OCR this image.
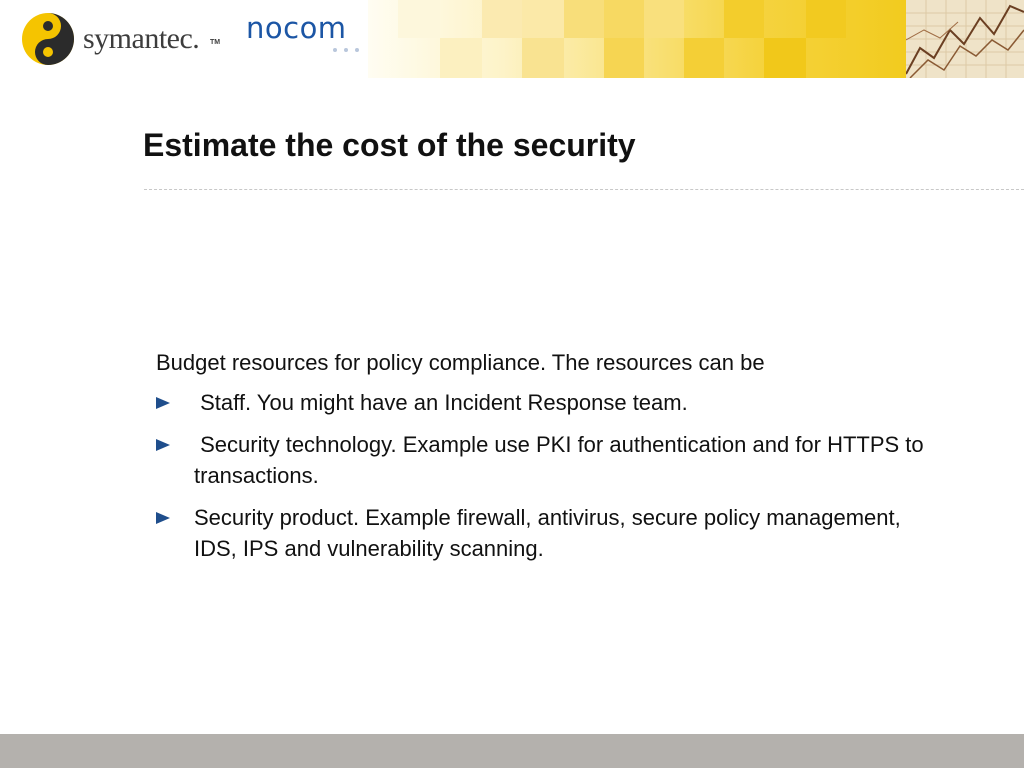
symantec. TM nocom
Estimate the cost of the security

Budget resources for policy compliance. The resources can be

Staff. You might have an Incident Response team.
Security technology. Example use PKI for authentication and for HTTPS to transactions.
Security product. Example firewall, antivirus, secure policy management, IDS, IPS and vulnerability scanning.
